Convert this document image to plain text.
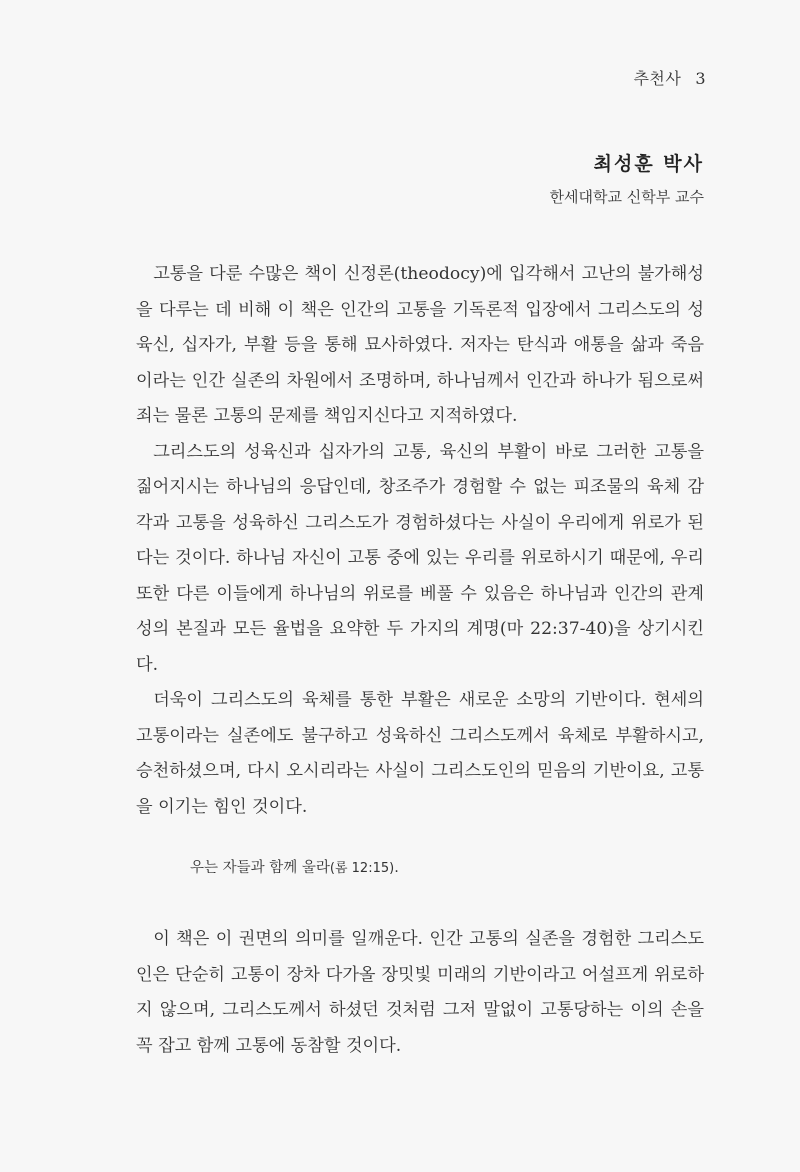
추천사 3
최성훈 박사
한세대학교 신학부 교수

고통을 다룬 수많은 책이 신정론(theodocy)에 입각해서 고난의 불가해성을 다루는 데 비해 이 책은 인간의 고통을 기독론적 입장에서 그리스도의 성육신, 십자가, 부활 등을 통해 묘사하였다. 저자는 탄식과 애통을 삶과 죽음이라는 인간 실존의 차원에서 조명하며, 하나님께서 인간과 하나가 됨으로써 죄는 물론 고통의 문제를 책임지신다고 지적하였다.

그리스도의 성육신과 십자가의 고통, 육신의 부활이 바로 그러한 고통을 짊어지시는 하나님의 응답인데, 창조주가 경험할 수 없는 피조물의 육체 감각과 고통을 성육하신 그리스도가 경험하셨다는 사실이 우리에게 위로가 된다는 것이다. 하나님 자신이 고통 중에 있는 우리를 위로하시기 때문에, 우리 또한 다른 이들에게 하나님의 위로를 베풀 수 있음은 하나님과 인간의 관계성의 본질과 모든 율법을 요약한 두 가지의 계명(마 22:37-40)을 상기시킨다.

더욱이 그리스도의 육체를 통한 부활은 새로운 소망의 기반이다. 현세의 고통이라는 실존에도 불구하고 성육하신 그리스도께서 육체로 부활하시고, 승천하셨으며, 다시 오시리라는 사실이 그리스도인의 믿음의 기반이요, 고통을 이기는 힘인 것이다.

우는 자들과 함께 울라(롬 12:15).

이 책은 이 권면의 의미를 일깨운다. 인간 고통의 실존을 경험한 그리스도인은 단순히 고통이 장차 다가올 장밋빛 미래의 기반이라고 어설프게 위로하지 않으며, 그리스도께서 하셨던 것처럼 그저 말없이 고통당하는 이의 손을 꼭 잡고 함께 고통에 동참할 것이다.
